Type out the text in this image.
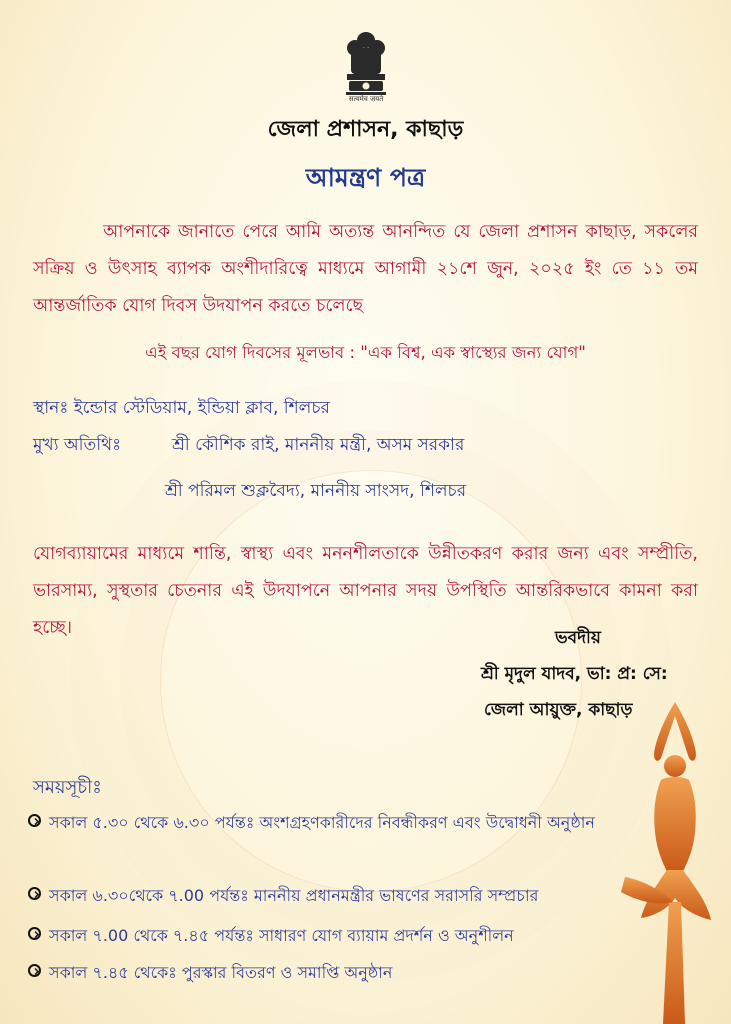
सत्यमेव जयते
জেলা প্রশাসন, কাছাড়
আমন্ত্রণ পত্র
আপনাকে জানাতে পেরে আমি অত্যন্ত আনন্দিত যে জেলা প্রশাসন কাছাড়, সকলের সক্রিয় ও উৎসাহ ব্যাপক অংশীদারিত্বে মাধ্যমে আগামী ২১শে জুন, ২০২৫ ইং তে ১১ তম আন্তর্জাতিক যোগ দিবস উদযাপন করতে চলেছে
এই বছর যোগ দিবসের মূলভাব : "এক বিশ্ব, এক স্বাস্থ্যের জন্য যোগ"
স্থানঃ ইন্ডোর স্টেডিয়াম, ইন্ডিয়া ক্লাব, শিলচর
মুখ্য অতিথিঃ	শ্রী কৌশিক রাই, মাননীয় মন্ত্রী, অসম সরকার
শ্রী পরিমল শুক্লবৈদ্য, মাননীয় সাংসদ, শিলচর
যোগব্যায়ামের মাধ্যমে শান্তি, স্বাস্থ্য এবং মননশীলতাকে উন্নীতকরণ করার জন্য এবং সম্প্রীতি, ভারসাম্য, সুস্থতার চেতনার এই উদযাপনে আপনার সদয় উপস্থিতি আন্তরিকভাবে কামনা করা হচ্ছে।	ভবদীয়
শ্রী মৃদুল যাদব, ভা: প্র: সে:
জেলা আয়ুক্ত, কাছাড়
সময়সূচীঃ
সকাল ৫.৩০ থেকে ৬.৩০ পর্যন্তঃ অংশগ্রহণকারীদের নিবন্ধীকরণ এবং উদ্বোধনী অনুষ্ঠান
সকাল ৬.৩০থেকে ৭.00 পর্যন্তঃ মাননীয় প্রধানমন্ত্রীর ভাষণের সরাসরি সম্প্রচার
সকাল ৭.00 থেকে ৭.৪৫ পর্যন্তঃ সাধারণ যোগ ব্যায়াম প্রদর্শন ও অনুশীলন
সকাল ৭.৪৫ থেকেঃ পুরস্কার বিতরণ ও সমাপ্তি অনুষ্ঠান
